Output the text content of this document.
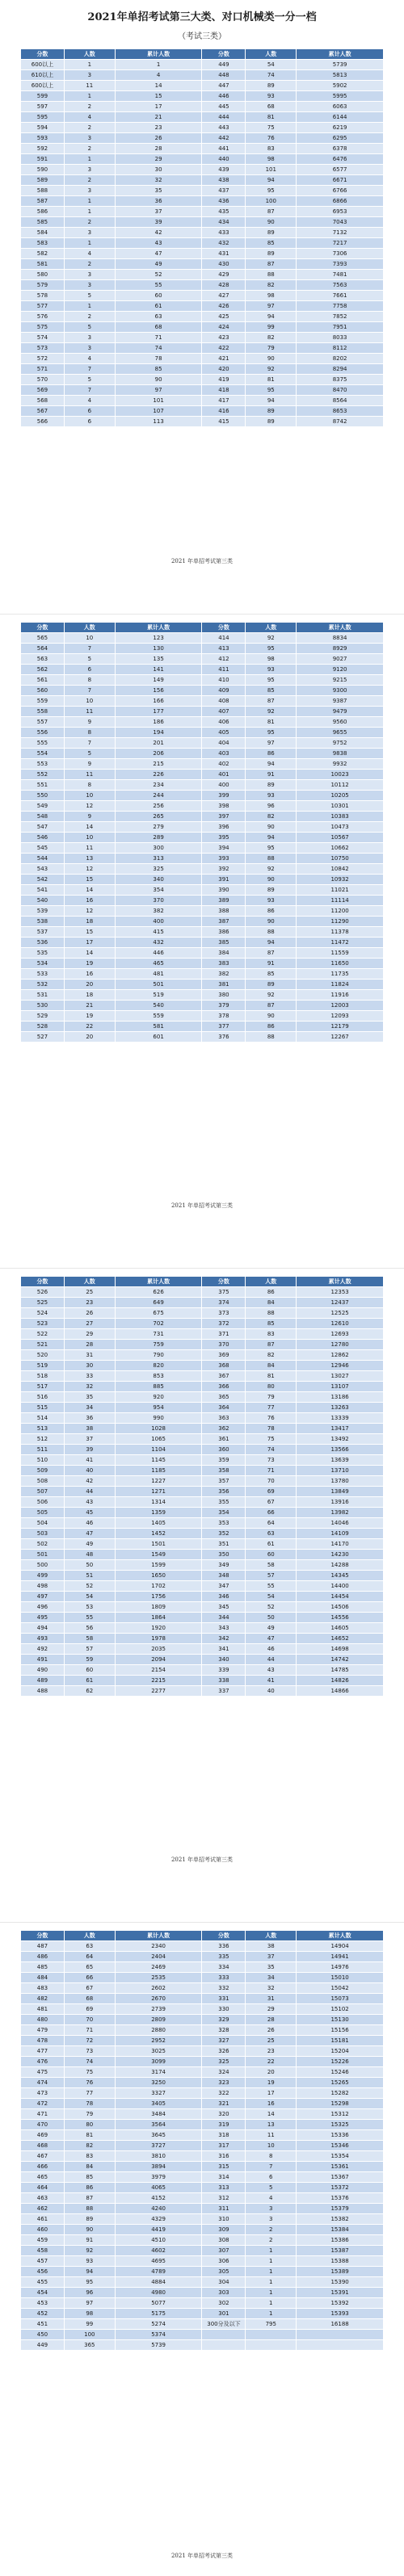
2021年单招考试第三大类、对口机械类一分一档
（考试三类）
分数	人数	累计人数	分数	人数	累计人数
600以上	1	1	449	54	5739
610以上	3	4	448	74	5813
600以上	11	14	447	89	5902
599	1	15	446	93	5995
597	2	17	445	68	6063
595	4	21	444	81	6144
594	2	23	443	75	6219
593	3	26	442	76	6295
592	2	28	441	83	6378
591	1	29	440	98	6476
590	3	30	439	101	6577
589	2	32	438	94	6671
588	3	35	437	95	6766
587	1	36	436	100	6866
586	1	37	435	87	6953
585	2	39	434	90	7043
584	3	42	433	89	7132
583	1	43	432	85	7217
582	4	47	431	89	7306
581	2	49	430	87	7393
580	3	52	429	88	7481
579	3	55	428	82	7563
578	5	60	427	98	7661
577	1	61	426	97	7758
576	2	63	425	94	7852
575	5	68	424	99	7951
574	3	71	423	82	8033
573	3	74	422	79	8112
572	4	78	421	90	8202
571	7	85	420	92	8294
570	5	90	419	81	8375
569	7	97	418	95	8470
568	4	101	417	94	8564
567	6	107	416	89	8653
566	6	113	415	89	8742
2021 年单招考试第三类
分数	人数	累计人数	分数	人数	累计人数
565	10	123	414	92	8834
564	7	130	413	95	8929
563	5	135	412	98	9027
562	6	141	411	93	9120
561	8	149	410	95	9215
560	7	156	409	85	9300
559	10	166	408	87	9387
558	11	177	407	92	9479
557	9	186	406	81	9560
556	8	194	405	95	9655
555	7	201	404	97	9752
554	5	206	403	86	9838
553	9	215	402	94	9932
552	11	226	401	91	10023
551	8	234	400	89	10112
550	10	244	399	93	10205
549	12	256	398	96	10301
548	9	265	397	82	10383
547	14	279	396	90	10473
546	10	289	395	94	10567
545	11	300	394	95	10662
544	13	313	393	88	10750
543	12	325	392	92	10842
542	15	340	391	90	10932
541	14	354	390	89	11021
540	16	370	389	93	11114
539	12	382	388	86	11200
538	18	400	387	90	11290
537	15	415	386	88	11378
536	17	432	385	94	11472
535	14	446	384	87	11559
534	19	465	383	91	11650
533	16	481	382	85	11735
532	20	501	381	89	11824
531	18	519	380	92	11916
530	21	540	379	87	12003
529	19	559	378	90	12093
528	22	581	377	86	12179
527	20	601	376	88	12267
2021 年单招考试第三类
分数	人数	累计人数	分数	人数	累计人数
526	25	626	375	86	12353
525	23	649	374	84	12437
524	26	675	373	88	12525
523	27	702	372	85	12610
522	29	731	371	83	12693
521	28	759	370	87	12780
520	31	790	369	82	12862
519	30	820	368	84	12946
518	33	853	367	81	13027
517	32	885	366	80	13107
516	35	920	365	79	13186
515	34	954	364	77	13263
514	36	990	363	76	13339
513	38	1028	362	78	13417
512	37	1065	361	75	13492
511	39	1104	360	74	13566
510	41	1145	359	73	13639
509	40	1185	358	71	13710
508	42	1227	357	70	13780
507	44	1271	356	69	13849
506	43	1314	355	67	13916
505	45	1359	354	66	13982
504	46	1405	353	64	14046
503	47	1452	352	63	14109
502	49	1501	351	61	14170
501	48	1549	350	60	14230
500	50	1599	349	58	14288
499	51	1650	348	57	14345
498	52	1702	347	55	14400
497	54	1756	346	54	14454
496	53	1809	345	52	14506
495	55	1864	344	50	14556
494	56	1920	343	49	14605
493	58	1978	342	47	14652
492	57	2035	341	46	14698
491	59	2094	340	44	14742
490	60	2154	339	43	14785
489	61	2215	338	41	14826
488	62	2277	337	40	14866
2021 年单招考试第三类
分数	人数	累计人数	分数	人数	累计人数
487	63	2340	336	38	14904
486	64	2404	335	37	14941
485	65	2469	334	35	14976
484	66	2535	333	34	15010
483	67	2602	332	32	15042
482	68	2670	331	31	15073
481	69	2739	330	29	15102
480	70	2809	329	28	15130
479	71	2880	328	26	15156
478	72	2952	327	25	15181
477	73	3025	326	23	15204
476	74	3099	325	22	15226
475	75	3174	324	20	15246
474	76	3250	323	19	15265
473	77	3327	322	17	15282
472	78	3405	321	16	15298
471	79	3484	320	14	15312
470	80	3564	319	13	15325
469	81	3645	318	11	15336
468	82	3727	317	10	15346
467	83	3810	316	8	15354
466	84	3894	315	7	15361
465	85	3979	314	6	15367
464	86	4065	313	5	15372
463	87	4152	312	4	15376
462	88	4240	311	3	15379
461	89	4329	310	3	15382
460	90	4419	309	2	15384
459	91	4510	308	2	15386
458	92	4602	307	1	15387
457	93	4695	306	1	15388
456	94	4789	305	1	15389
455	95	4884	304	1	15390
454	96	4980	303	1	15391
453	97	5077	302	1	15392
452	98	5175	301	1	15393
451	99	5274	300分及以下	795	16188
450	100	5374			
449	365	5739			
2021 年单招考试第三类
